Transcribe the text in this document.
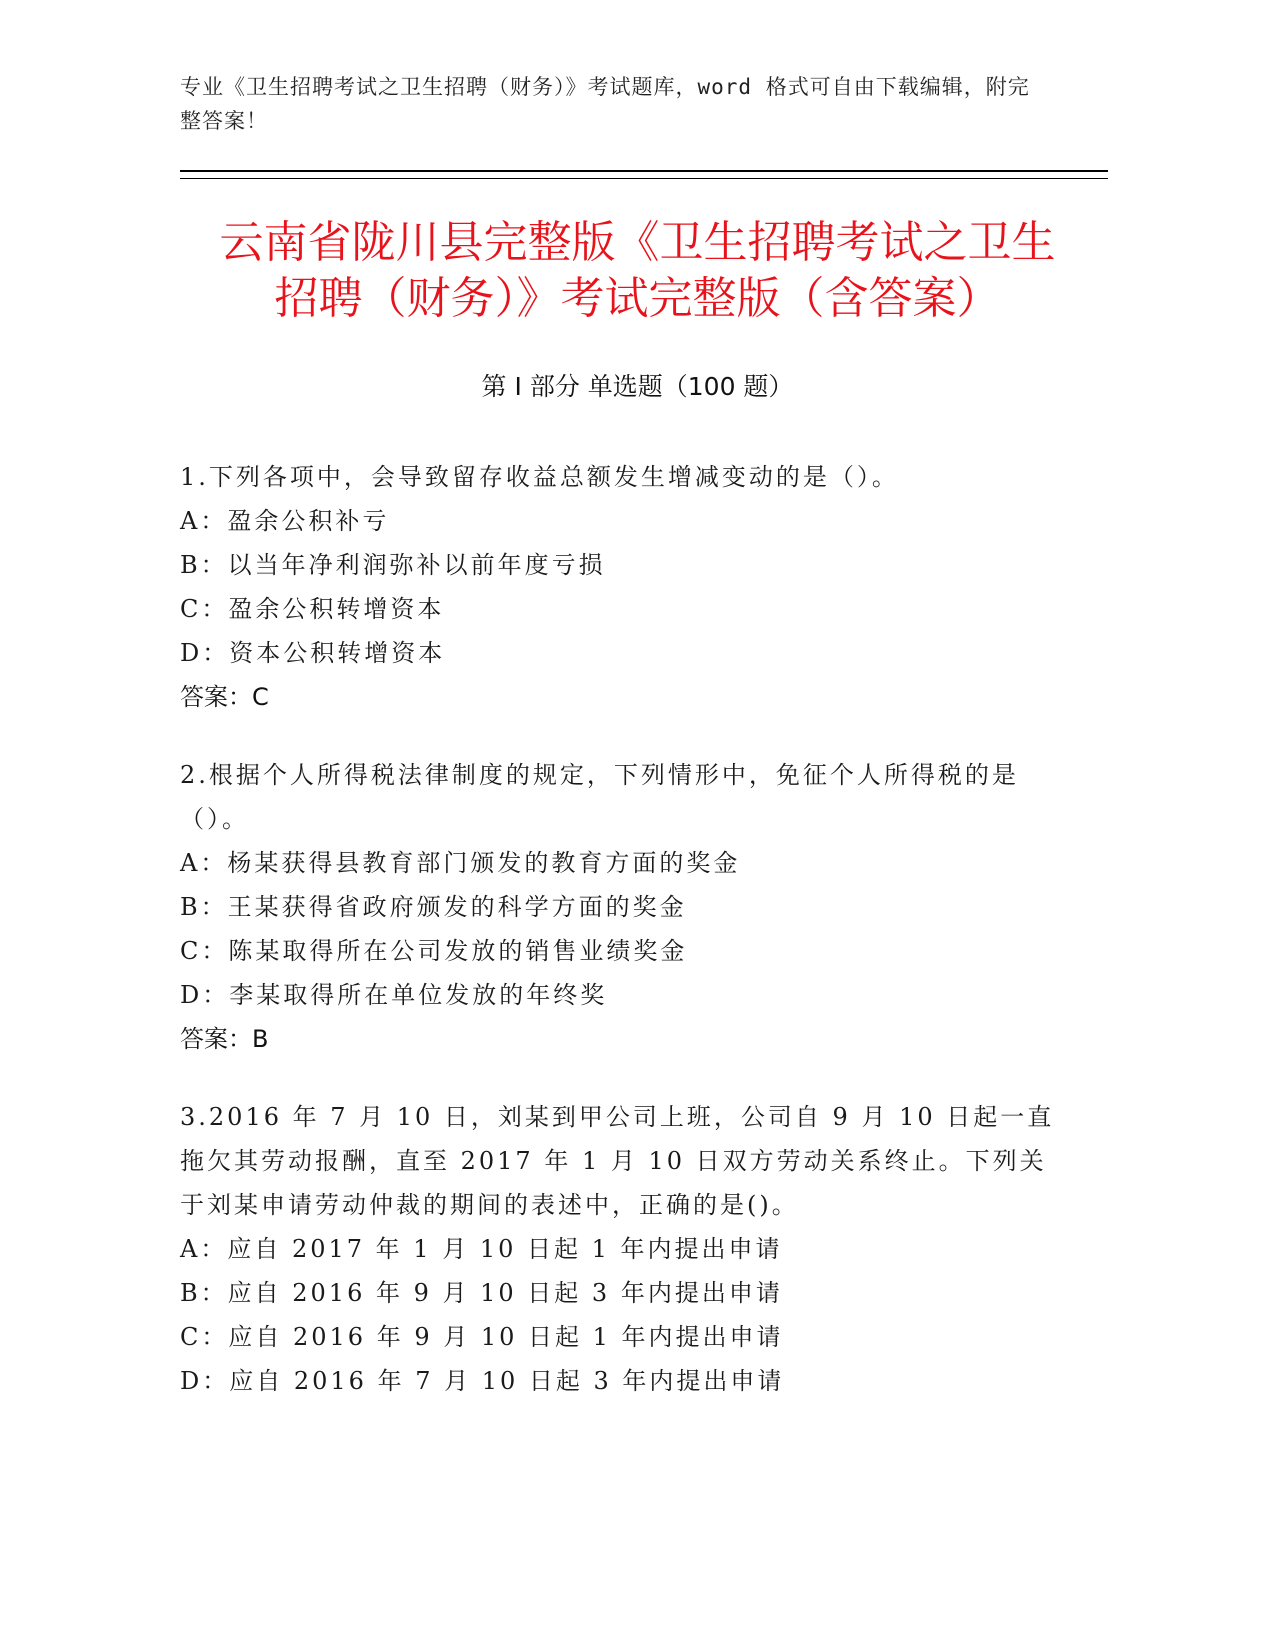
专业《卫生招聘考试之卫生招聘（财务）》考试题库，word 格式可自由下载编辑，附完整答案！
云南省陇川县完整版《卫生招聘考试之卫生
招聘（财务）》考试完整版（含答案）
第 I 部分 单选题（100 题）
1.下列各项中，会导致留存收益总额发生增减变动的是（）。
A：盈余公积补亏
B：以当年净利润弥补以前年度亏损
C：盈余公积转增资本
D：资本公积转增资本
答案：C
2.根据个人所得税法律制度的规定，下列情形中，免征个人所得税的是（）。
A：杨某获得县教育部门颁发的教育方面的奖金
B：王某获得省政府颁发的科学方面的奖金
C：陈某取得所在公司发放的销售业绩奖金
D：李某取得所在单位发放的年终奖
答案：B
3.2016 年 7 月 10 日，刘某到甲公司上班，公司自 9 月 10 日起一直拖欠其劳动报酬，直至 2017 年 1 月 10 日双方劳动关系终止。下列关于刘某申请劳动仲裁的期间的表述中，正确的是()。
A：应自 2017 年 1 月 10 日起 1 年内提出申请
B：应自 2016 年 9 月 10 日起 3 年内提出申请
C：应自 2016 年 9 月 10 日起 1 年内提出申请
D：应自 2016 年 7 月 10 日起 3 年内提出申请
